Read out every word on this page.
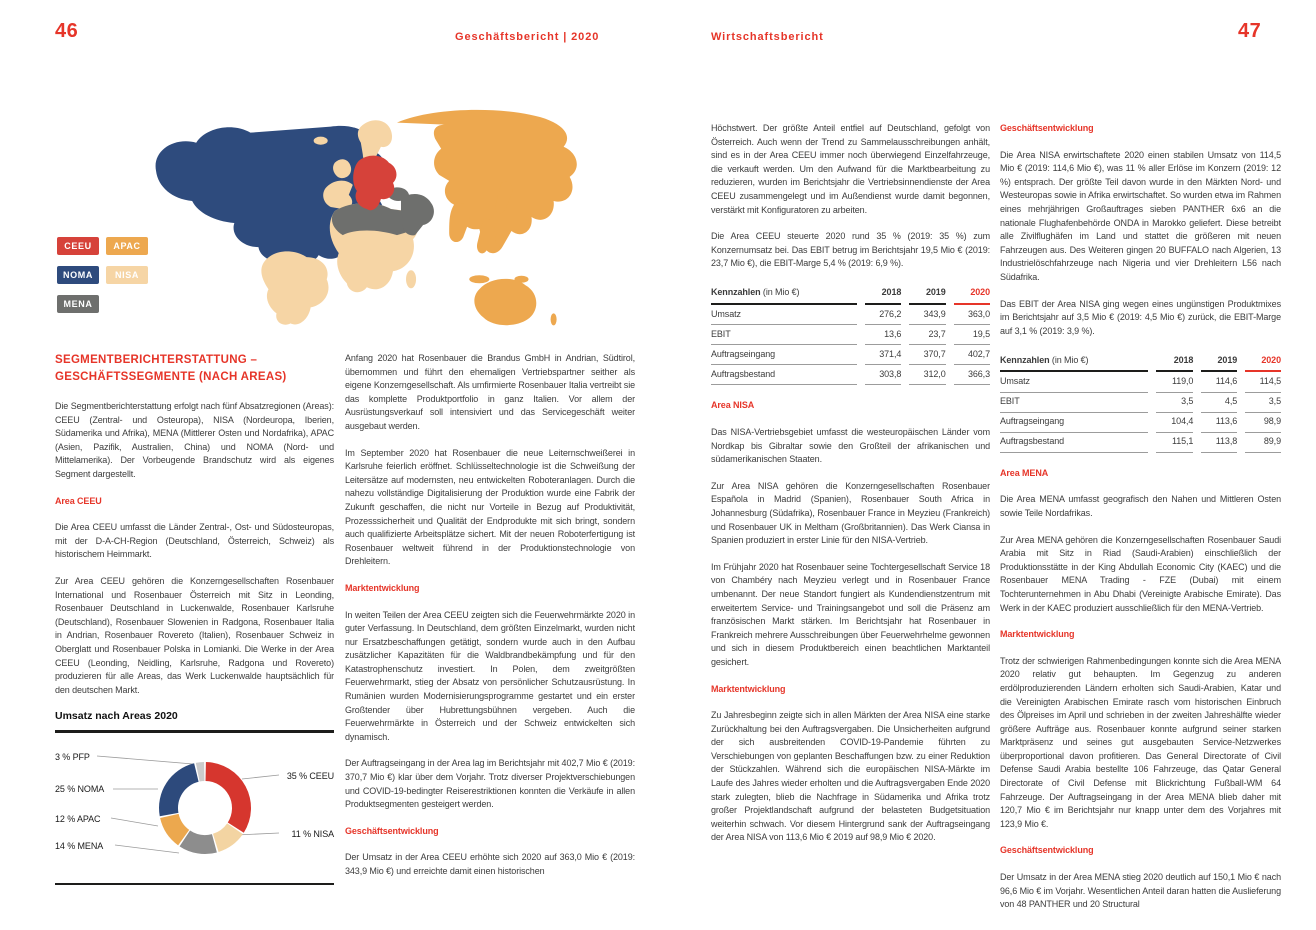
46	Geschäftsbericht | 2020	Wirtschaftsbericht	47
CEEU	APAC
NOMA	NISA
MENA
SEGMENTBERICHTERSTATTUNG – GESCHÄFTSSEGMENTE (NACH AREAS)

Die Segmentberichterstattung erfolgt nach fünf Absatzregionen (Areas): CEEU (Zentral- und Osteuropa), NISA (Nordeuropa, Iberien, Südamerika und Afrika), MENA (Mittlerer Osten und Nordafrika), APAC (Asien, Pazifik, Australien, China) und NOMA (Nord- und Mittelamerika). Der Vorbeugende Brandschutz wird als eigenes Segment dargestellt.

Area CEEU

Die Area CEEU umfasst die Länder Zentral-, Ost- und Südosteuropas, mit der D-A-CH-Region (Deutschland, Österreich, Schweiz) als historischem Heimmarkt.

Zur Area CEEU gehören die Konzerngesellschaften Rosenbauer International und Rosenbauer Österreich mit Sitz in Leonding, Rosenbauer Deutschland in Luckenwalde, Rosenbauer Karlsruhe (Deutschland), Rosenbauer Slowenien in Radgona, Rosenbauer Italia in Andrian, Rosenbauer Rovereto (Italien), Rosenbauer Schweiz in Oberglatt und Rosenbauer Polska in Lomianki. Die Werke in der Area CEEU (Leonding, Neidling, Karlsruhe, Radgona und Rovereto) produzieren für alle Areas, das Werk Luckenwalde hauptsächlich für den deutschen Markt.

Umsatz nach Areas 2020
3 % PFP
25 % NOMA
12 % APAC
14 % MENA
35 % CEEU
11 % NISA

Anfang 2020 hat Rosenbauer die Brandus GmbH in Andrian, Südtirol, übernommen und führt den ehemaligen Vertriebspartner seither als eigene Konzerngesellschaft. Als umfirmierte Rosenbauer Italia vertreibt sie das komplette Produktportfolio in ganz Italien. Vor allem der Ausrüstungsverkauf soll intensiviert und das Servicegeschäft weiter ausgebaut werden.

Im September 2020 hat Rosenbauer die neue Leiternschweißerei in Karlsruhe feierlich eröffnet. Schlüsseltechnologie ist die Schweißung der Leitersätze auf modernsten, neu entwickelten Roboteranlagen. Durch die nahezu vollständige Digitalisierung der Produktion wurde eine Fabrik der Zukunft geschaffen, die nicht nur Vorteile in Bezug auf Produktivität, Prozesssicherheit und Qualität der Endprodukte mit sich bringt, sondern auch qualifizierte Arbeitsplätze sichert. Mit der neuen Roboterfertigung ist Rosenbauer weltweit führend in der Produktionstechnologie von Drehleitern.

Marktentwicklung

In weiten Teilen der Area CEEU zeigten sich die Feuerwehrmärkte 2020 in guter Verfassung. In Deutschland, dem größten Einzelmarkt, wurden nicht nur Ersatzbeschaffungen getätigt, sondern wurde auch in den Aufbau zusätzlicher Kapazitäten für die Waldbrandbekämpfung und für den Katastrophenschutz investiert. In Polen, dem zweitgrößten Feuerwehrmarkt, stieg der Absatz von persönlicher Schutzausrüstung. In Rumänien wurden Modernisierungsprogramme gestartet und ein erster Großtender über Hubrettungsbühnen vergeben. Auch die Feuerwehrmärkte in Österreich und der Schweiz entwickelten sich dynamisch.

Der Auftragseingang in der Area lag im Berichtsjahr mit 402,7 Mio € (2019: 370,7 Mio €) klar über dem Vorjahr. Trotz diverser Projektverschiebungen und COVID-19-bedingter Reiserestriktionen konnten die Verkäufe in allen Produktsegmenten gesteigert werden.

Geschäftsentwicklung

Der Umsatz in der Area CEEU erhöhte sich 2020 auf 363,0 Mio € (2019: 343,9 Mio €) und erreichte damit einen historischen

Höchstwert. Der größte Anteil entfiel auf Deutschland, gefolgt von Österreich. Auch wenn der Trend zu Sammelausschreibungen anhält, sind es in der Area CEEU immer noch überwiegend Einzelfahrzeuge, die verkauft werden. Um den Aufwand für die Marktbearbeitung zu reduzieren, wurden im Berichtsjahr die Vertriebsinnendienste der Area CEEU zusammengelegt und im Außendienst wurde damit begonnen, verstärkt mit Konfiguratoren zu arbeiten.

Die Area CEEU steuerte 2020 rund 35 % (2019: 35 %) zum Konzernumsatz bei. Das EBIT betrug im Berichtsjahr 19,5 Mio € (2019: 23,7 Mio €), die EBIT-Marge 5,4 % (2019: 6,9 %).

Kennzahlen (in Mio €)	2018	2019	2020
Umsatz	276,2	343,9	363,0
EBIT	13,6	23,7	19,5
Auftragseingang	371,4	370,7	402,7
Auftragsbestand	303,8	312,0	366,3

Area NISA

Das NISA-Vertriebsgebiet umfasst die westeuropäischen Länder vom Nordkap bis Gibraltar sowie den Großteil der afrikanischen und südamerikanischen Staaten.

Zur Area NISA gehören die Konzerngesellschaften Rosenbauer Española in Madrid (Spanien), Rosenbauer South Africa in Johannesburg (Südafrika), Rosenbauer France in Meyzieu (Frankreich) und Rosenbauer UK in Meltham (Großbritannien). Das Werk Ciansa in Spanien produziert in erster Linie für den NISA-Vertrieb.

Im Frühjahr 2020 hat Rosenbauer seine Tochtergesellschaft Service 18 von Chambéry nach Meyzieu verlegt und in Rosenbauer France umbenannt. Der neue Standort fungiert als Kundendienstzentrum mit erweitertem Service- und Trainingsangebot und soll die Präsenz am französischen Markt stärken. Im Berichtsjahr hat Rosenbauer in Frankreich mehrere Ausschreibungen über Feuerwehrhelme gewonnen und sich in diesem Produktbereich einen beachtlichen Marktanteil gesichert.

Marktentwicklung

Zu Jahresbeginn zeigte sich in allen Märkten der Area NISA eine starke Zurückhaltung bei den Auftragsvergaben. Die Unsicherheiten aufgrund der sich ausbreitenden COVID-19-Pandemie führten zu Verschiebungen von geplanten Beschaffungen bzw. zu einer Reduktion der Stückzahlen. Während sich die europäischen NISA-Märkte im Laufe des Jahres wieder erholten und die Auftragsvergaben Ende 2020 stark zulegten, blieb die Nachfrage in Südamerika und Afrika trotz großer Projektlandschaft aufgrund der belasteten Budgetsituation weiterhin schwach. Vor diesem Hintergrund sank der Auftragseingang der Area NISA von 113,6 Mio € 2019 auf 98,9 Mio € 2020.

Geschäftsentwicklung

Die Area NISA erwirtschaftete 2020 einen stabilen Umsatz von 114,5 Mio € (2019: 114,6 Mio €), was 11 % aller Erlöse im Konzern (2019: 12 %) entsprach. Der größte Teil davon wurde in den Märkten Nord- und Westeuropas sowie in Afrika erwirtschaftet. So wurden etwa im Rahmen eines mehrjährigen Großauftrages sieben PANTHER 6x6 an die nationale Flughafenbehörde ONDA in Marokko geliefert. Diese betreibt alle Zivilflughäfen im Land und stattet die größeren mit neuen Fahrzeugen aus. Des Weiteren gingen 20 BUFFALO nach Algerien, 13 Industrielöschfahrzeuge nach Nigeria und vier Drehleitern L56 nach Südafrika.

Das EBIT der Area NISA ging wegen eines ungünstigen Produktmixes im Berichtsjahr auf 3,5 Mio € (2019: 4,5 Mio €) zurück, die EBIT-Marge auf 3,1 % (2019: 3,9 %).

Kennzahlen (in Mio €)	2018	2019	2020
Umsatz	119,0	114,6	114,5
EBIT	3,5	4,5	3,5
Auftragseingang	104,4	113,6	98,9
Auftragsbestand	115,1	113,8	89,9

Area MENA

Die Area MENA umfasst geografisch den Nahen und Mittleren Osten sowie Teile Nordafrikas.

Zur Area MENA gehören die Konzerngesellschaften Rosenbauer Saudi Arabia mit Sitz in Riad (Saudi-Arabien) einschließlich der Produktionsstätte in der King Abdullah Economic City (KAEC) und die Rosenbauer MENA Trading - FZE (Dubai) mit einem Tochterunternehmen in Abu Dhabi (Vereinigte Arabische Emirate). Das Werk in der KAEC produziert ausschließlich für den MENA-Vertrieb.

Marktentwicklung

Trotz der schwierigen Rahmenbedingungen konnte sich die Area MENA 2020 relativ gut behaupten. Im Gegenzug zu anderen erdölproduzierenden Ländern erholten sich Saudi-Arabien, Katar und die Vereinigten Arabischen Emirate rasch vom historischen Einbruch des Ölpreises im April und schrieben in der zweiten Jahreshälfte wieder größere Aufträge aus. Rosenbauer konnte aufgrund seiner starken Marktpräsenz und seines gut ausgebauten Service-Netzwerkes überproportional davon profitieren. Das General Directorate of Civil Defense Saudi Arabia bestellte 106 Fahrzeuge, das Qatar General Directorate of Civil Defense mit Blickrichtung Fußball-WM 64 Fahrzeuge. Der Auftragseingang in der Area MENA blieb daher mit 120,7 Mio € im Berichtsjahr nur knapp unter dem des Vorjahres mit 123,9 Mio €.

Geschäftsentwicklung

Der Umsatz in der Area MENA stieg 2020 deutlich auf 150,1 Mio € nach 96,6 Mio € im Vorjahr. Wesentlichen Anteil daran hatten die Auslieferung von 48 PANTHER und 20 Structural
